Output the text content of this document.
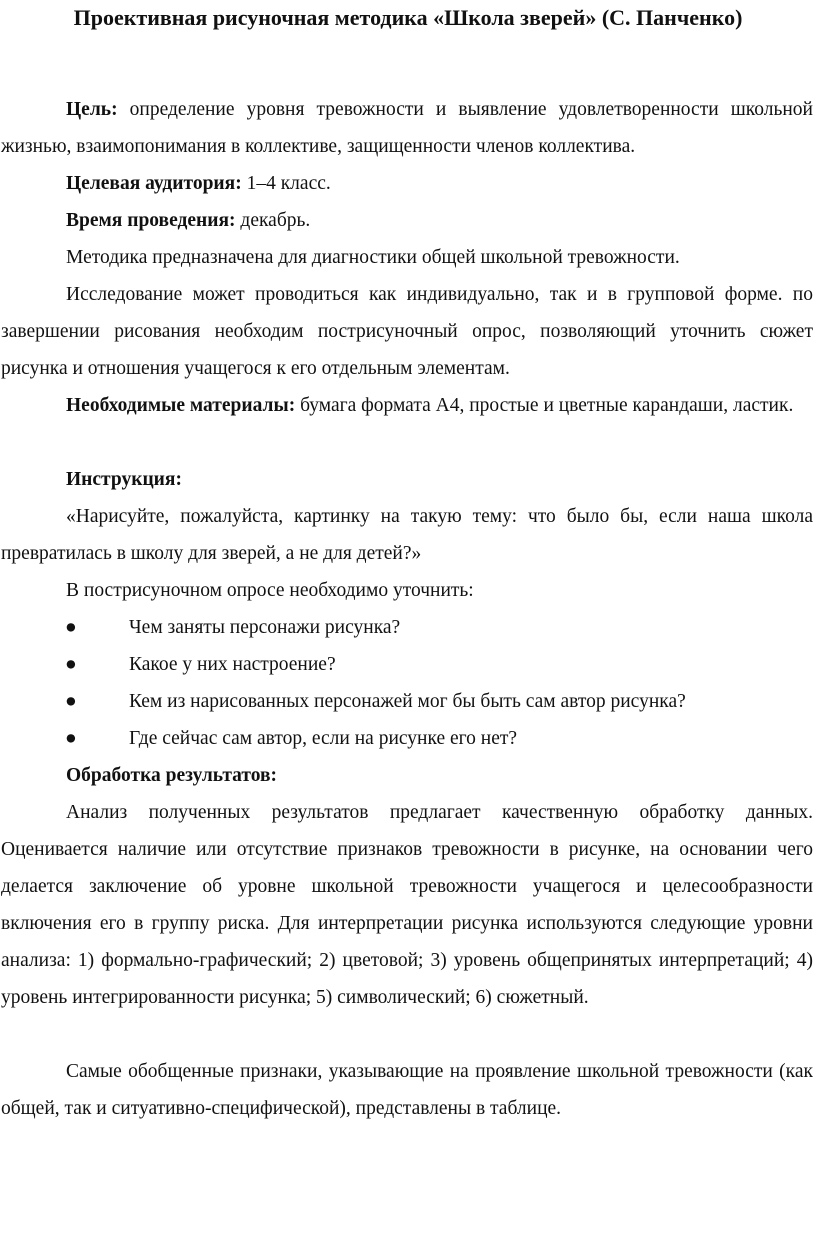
Проективная рисуночная методика «Школа зверей» (С. Панченко)

Цель: определение уровня тревожности и выявление удовлетворенности школьной жизнью, взаимопонимания в коллективе, защищенности членов коллектива.

Целевая аудитория: 1–4 класс.

Время проведения: декабрь.

Методика предназначена для диагностики общей школьной тревожности.

Исследование может проводиться как индивидуально, так и в групповой форме. по завершении рисования необходим пострисуночный опрос, позволяющий уточнить сюжет рисунка и отношения учащегося к его отдельным элементам.

Необходимые материалы: бумага формата А4, простые и цветные карандаши, ластик.

Инструкция:

«Нарисуйте, пожалуйста, картинку на такую тему: что было бы, если наша школа превратилась в школу для зверей, а не для детей?»

В пострисуночном опросе необходимо уточнить:

●	Чем заняты персонажи рисунка?
●	Какое у них настроение?
●	Кем из нарисованных персонажей мог бы быть сам автор рисунка?
●	Где сейчас сам автор, если на рисунке его нет?

Обработка результатов:

Анализ полученных результатов предлагает качественную обработку данных. Оценивается наличие или отсутствие признаков тревожности в рисунке, на основании чего делается заключение об уровне школьной тревожности учащегося и целесообразности включения его в группу риска. Для интерпретации рисунка используются следующие уровни анализа: 1) формально-графический; 2) цветовой; 3) уровень общепринятых интерпретаций; 4) уровень интегрированности рисунка; 5) символический; 6) сюжетный.

Самые обобщенные признаки, указывающие на проявление школьной тревожности (как общей, так и ситуативно-специфической), представлены в таблице.
